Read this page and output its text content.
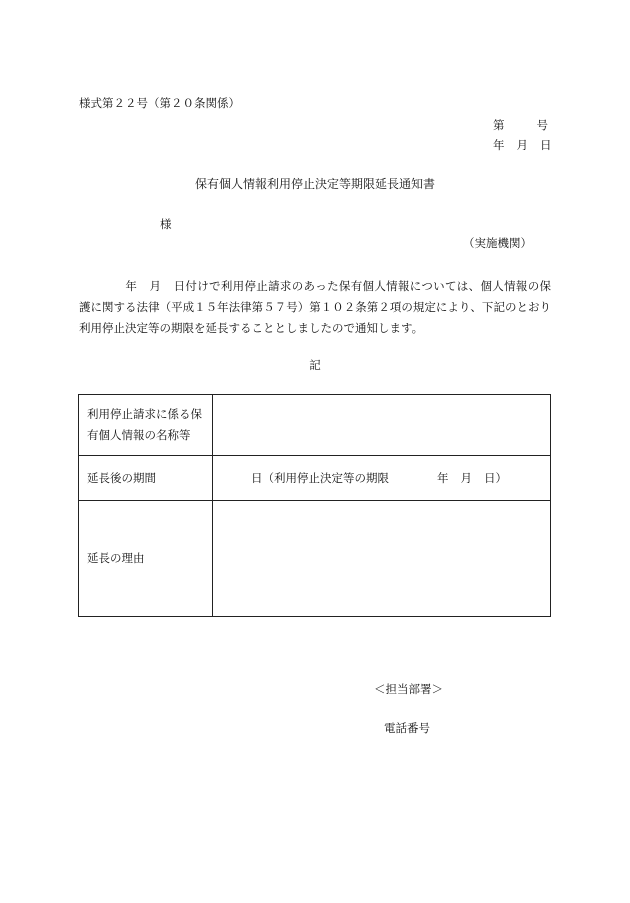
様式第２２号（第２０条関係）
第	号
年 月 日
保有個人情報利用停止決定等期限延長通知書
様
（実施機関）
年 月 日付けで利用停止請求のあった保有個人情報については、個人情報の保護に関する法律（平成１５年法律第５７号）第１０２条第２項の規定により、下記のとおり利用停止決定等の期限を延長することとしましたので通知します。
記
利用停止請求に係る保有個人情報の名称等	
延長後の期間	日（利用停止決定等の期限 年 月 日）
延長の理由	
＜担当部署＞
電話番号
